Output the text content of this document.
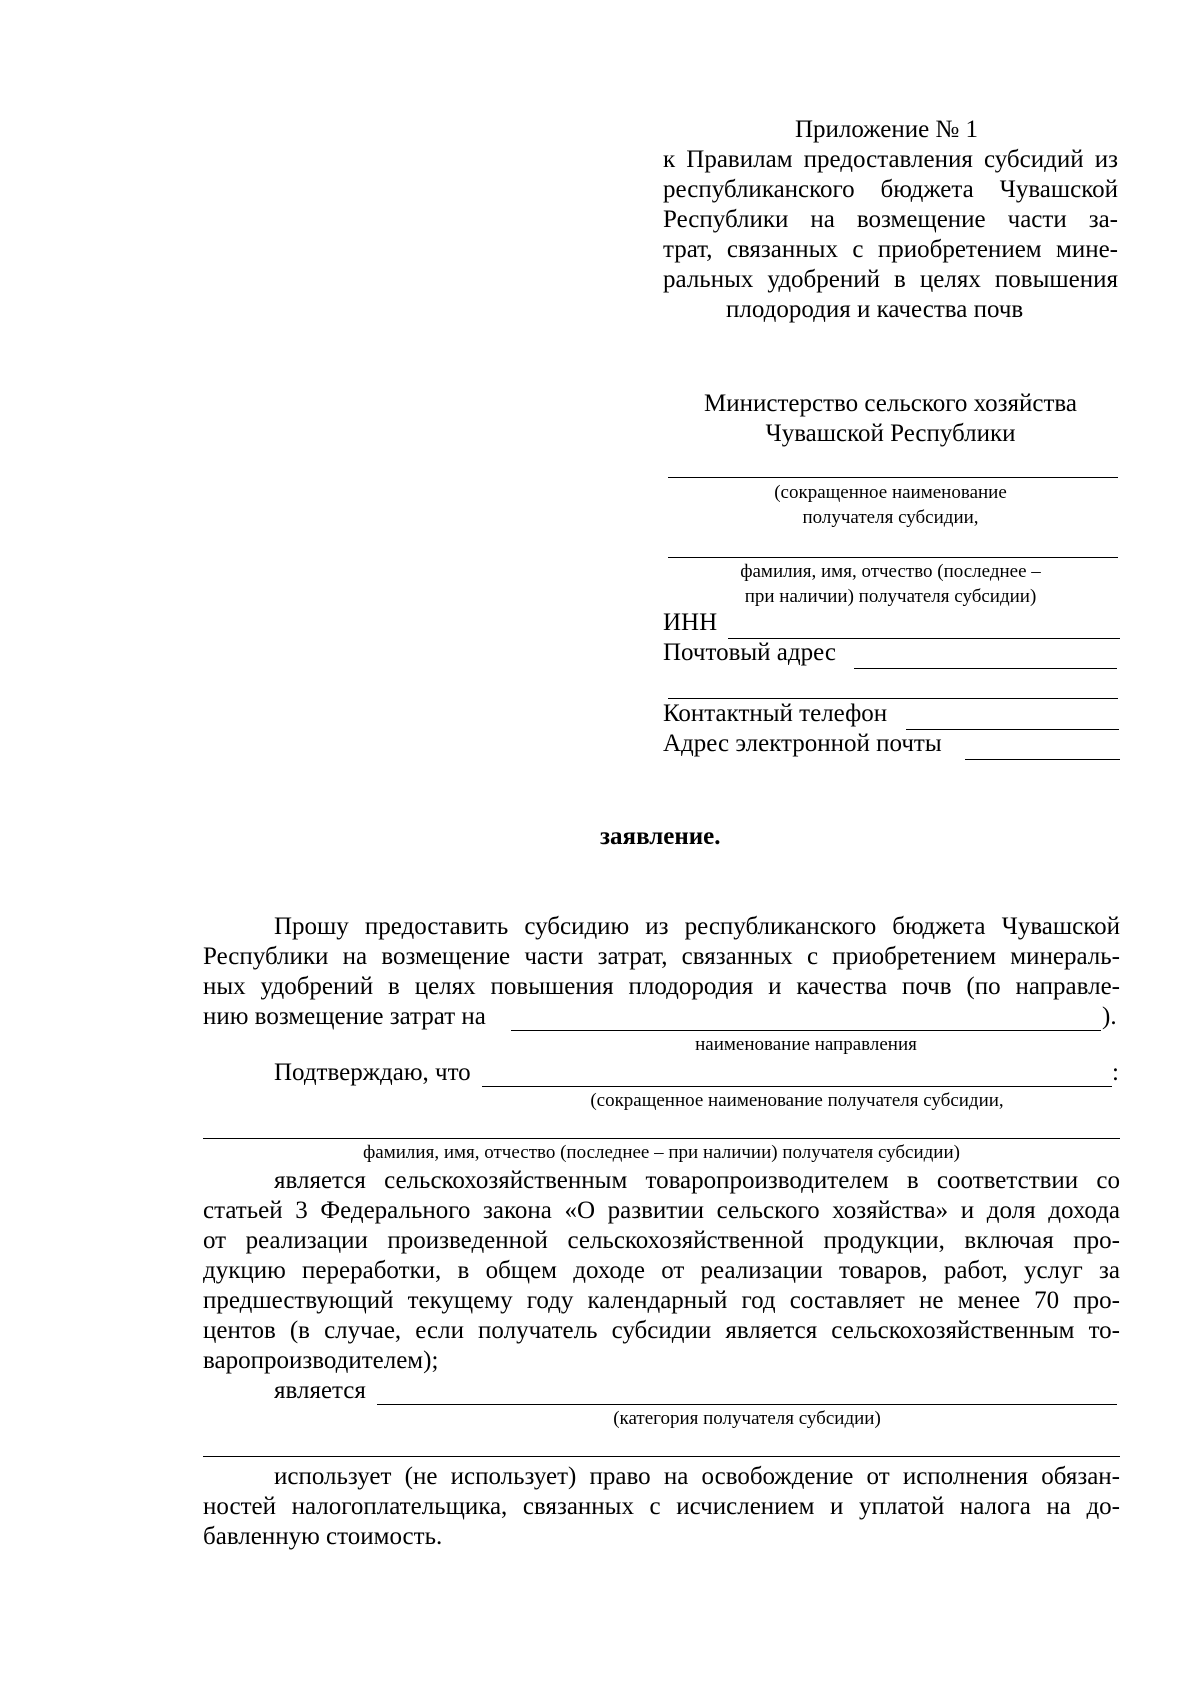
Приложение № 1
к Правилам предоставления субсидий из
республиканского бюджета Чувашской
Республики на возмещение части за-
трат, связанных с приобретением мине-
ральных удобрений в целях повышения
плодородия и качества почв
Министерство сельского хозяйства
Чувашской Республики
(сокращенное наименование
получателя субсидии,
фамилия, имя, отчество (последнее –
при наличии) получателя субсидии)
ИНН
Почтовый адрес
Контактный телефон
Адрес электронной почты
заявление.
Прошу предоставить субсидию из республиканского бюджета Чувашской
Республики на возмещение части затрат, связанных с приобретением минераль-
ных удобрений в целях повышения плодородия и качества почв (по направле-
нию возмещение затрат на	).
наименование направления
Подтверждаю, что	:
(сокращенное наименование получателя субсидии,
фамилия, имя, отчество (последнее – при наличии) получателя субсидии)
является сельскохозяйственным товаропроизводителем в соответствии со
статьей 3 Федерального закона «О развитии сельского хозяйства» и доля дохода
от реализации произведенной сельскохозяйственной продукции, включая про-
дукцию переработки, в общем доходе от реализации товаров, работ, услуг за
предшествующий текущему году календарный год составляет не менее 70 про-
центов (в случае, если получатель субсидии является сельскохозяйственным то-
варопроизводителем);
является
(категория получателя субсидии)
использует (не использует) право на освобождение от исполнения обязан-
ностей налогоплательщика, связанных с исчислением и уплатой налога на до-
бавленную стоимость.
